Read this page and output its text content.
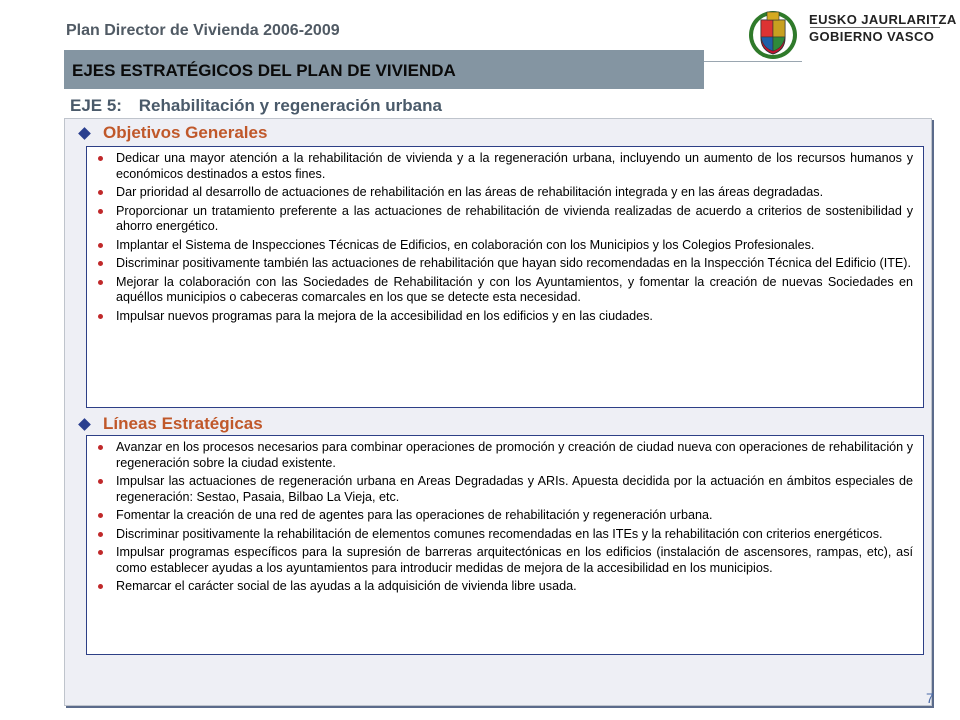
Plan Director de Vivienda 2006-2009
EUSKO JAURLARITZA
GOBIERNO VASCO
EJES ESTRATÉGICOS DEL PLAN DE VIVIENDA
EJE 5: Rehabilitación y regeneración urbana
Objetivos Generales
Dedicar una mayor atención a la rehabilitación de vivienda y a la regeneración urbana, incluyendo un aumento de los recursos humanos y económicos destinados a estos fines.
Dar prioridad al desarrollo de actuaciones de rehabilitación en las áreas de rehabilitación integrada y en las áreas degradadas.
Proporcionar un tratamiento preferente a las actuaciones de rehabilitación de vivienda realizadas de acuerdo a criterios de sostenibilidad y ahorro energético.
Implantar el Sistema de Inspecciones Técnicas de Edificios, en colaboración con los Municipios y los Colegios Profesionales.
Discriminar positivamente también las actuaciones de rehabilitación que hayan sido recomendadas en la Inspección Técnica del Edificio (ITE).
Mejorar la colaboración con las Sociedades de Rehabilitación y con los Ayuntamientos, y fomentar la creación de nuevas Sociedades en aquéllos municipios o cabeceras comarcales en los que se detecte esta necesidad.
Impulsar nuevos programas para la mejora de la accesibilidad en los edificios y en las ciudades.
Líneas Estratégicas
Avanzar en los procesos necesarios para combinar operaciones de promoción y creación de ciudad nueva con operaciones de rehabilitación y regeneración sobre la ciudad existente.
Impulsar las actuaciones de regeneración urbana en Areas Degradadas y ARIs. Apuesta decidida por la actuación en ámbitos especiales de regeneración: Sestao, Pasaia, Bilbao La Vieja, etc.
Fomentar la creación de una red de agentes para las operaciones de rehabilitación y regeneración urbana.
Discriminar positivamente la rehabilitación de elementos comunes recomendadas en las ITEs y la rehabilitación con criterios energéticos.
Impulsar programas específicos para la supresión de barreras arquitectónicas en los edificios (instalación de ascensores, rampas, etc), así como establecer ayudas a los ayuntamientos para introducir medidas de mejora de la accesibilidad en los municipios.
Remarcar el carácter social de las ayudas a la adquisición de vivienda libre usada.
7
